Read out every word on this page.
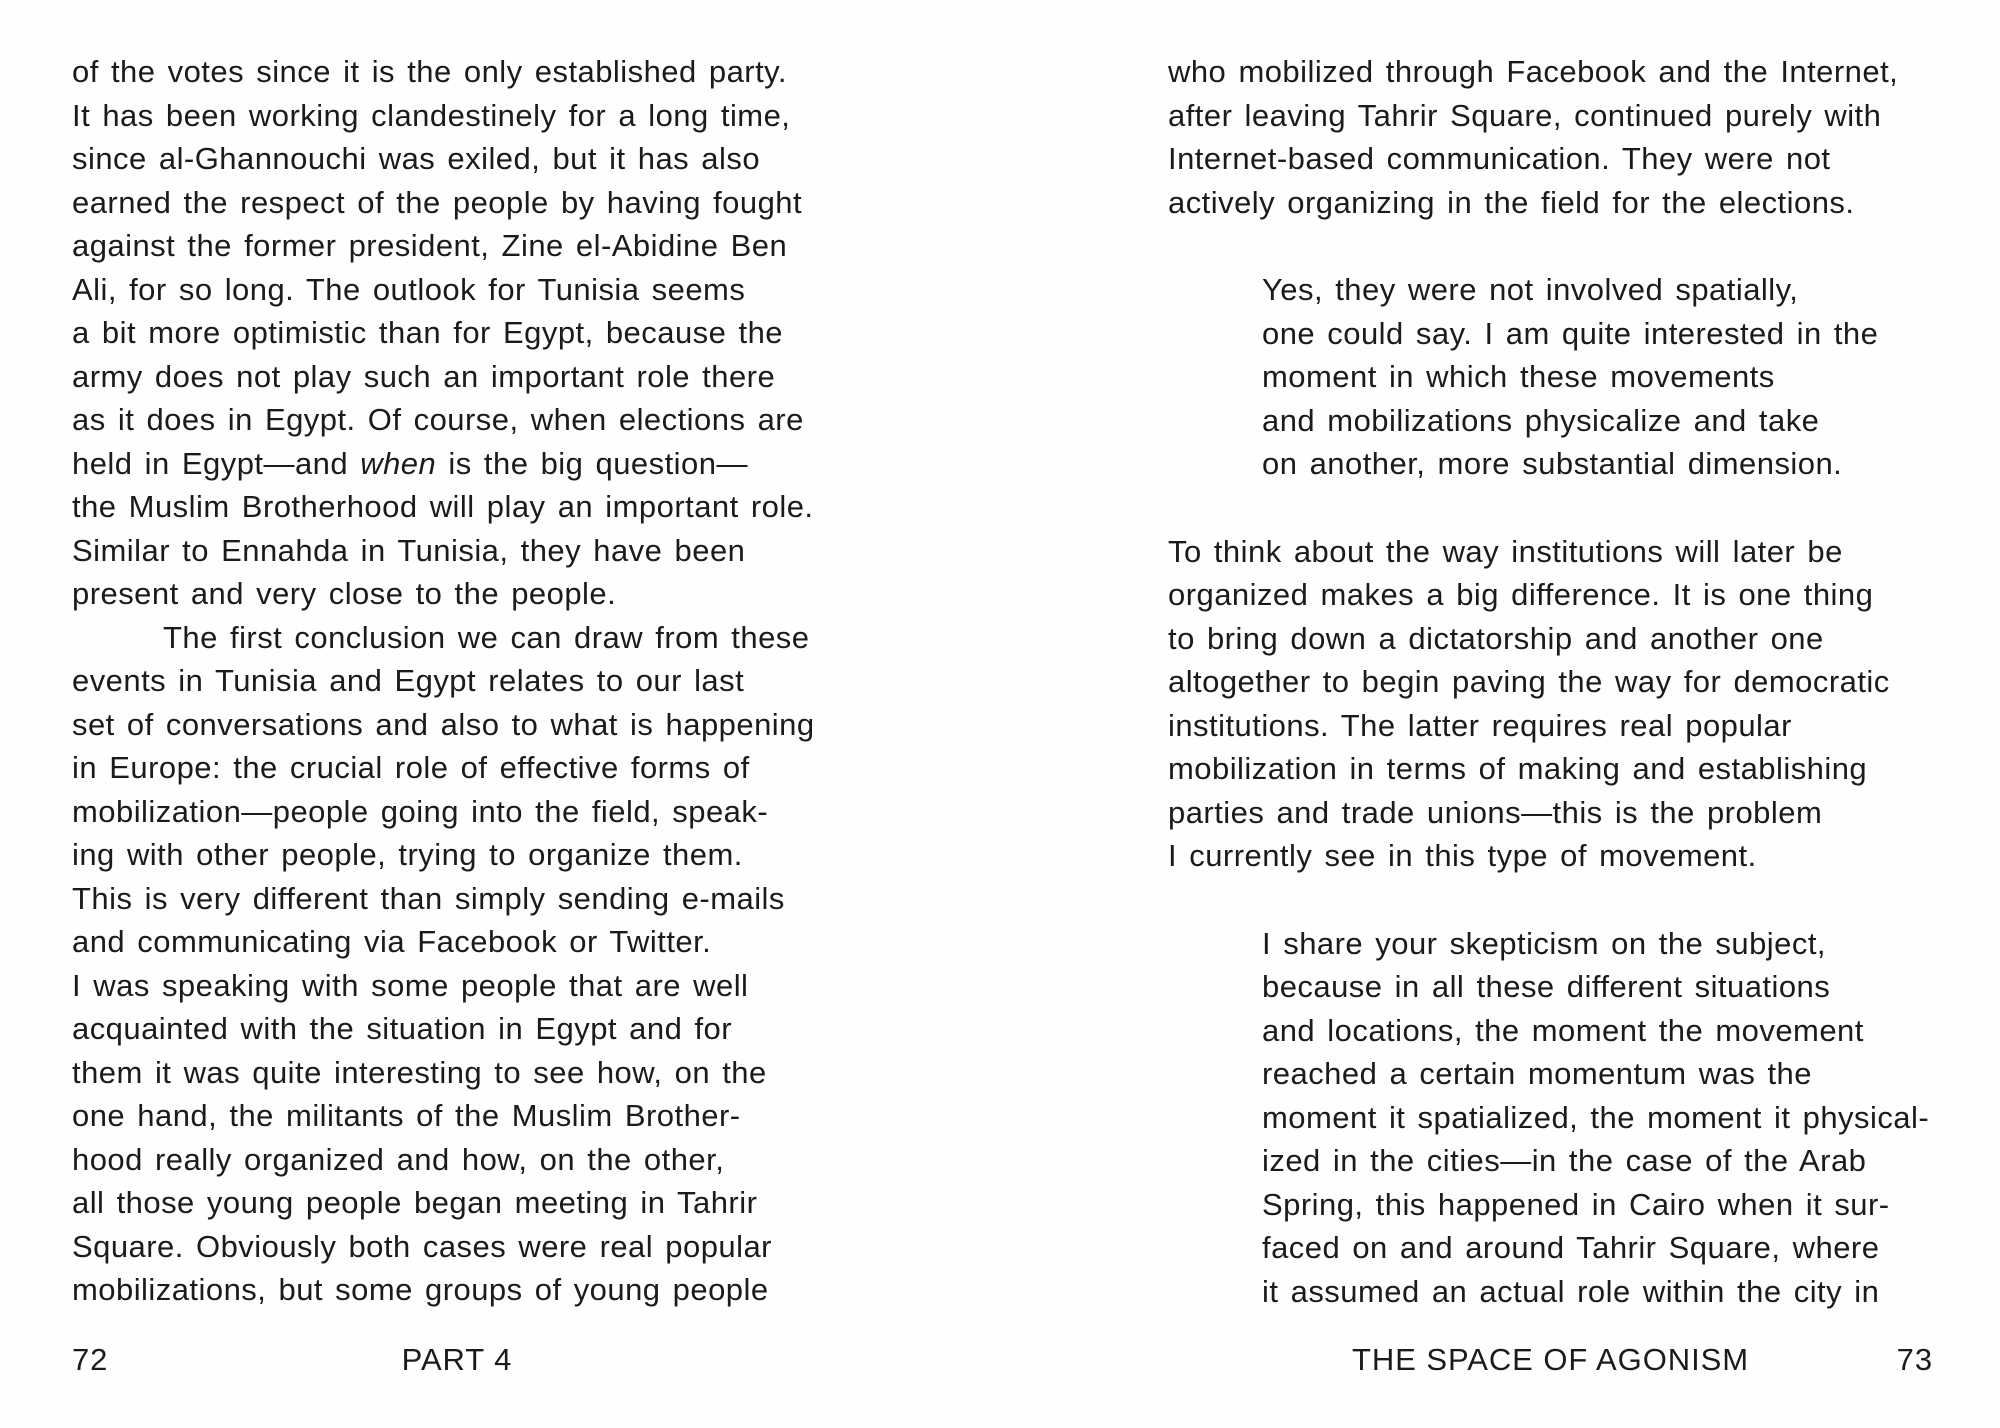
of the votes since it is the only established party.
It has been working clandestinely for a long time,
since al-Ghannouchi was exiled, but it has also
earned the respect of the people by having fought
against the former president, Zine el-Abidine Ben
Ali, for so long. The outlook for Tunisia seems
a bit more optimistic than for Egypt, because the
army does not play such an important role there
as it does in Egypt. Of course, when elections are
held in Egypt—and when is the big question—
the Muslim Brotherhood will play an important role.
Similar to Ennahda in Tunisia, they have been
present and very close to the people.
The first conclusion we can draw from these
events in Tunisia and Egypt relates to our last
set of conversations and also to what is happening
in Europe: the crucial role of effective forms of
mobilization—people going into the field, speak-
ing with other people, trying to organize them.
This is very different than simply sending e-mails
and communicating via Facebook or Twitter.
I was speaking with some people that are well
acquainted with the situation in Egypt and for
them it was quite interesting to see how, on the
one hand, the militants of the Muslim Brother-
hood really organized and how, on the other,
all those young people began meeting in Tahrir
Square. Obviously both cases were real popular
mobilizations, but some groups of young people
who mobilized through Facebook and the Internet,
after leaving Tahrir Square, continued purely with
Internet-based communication. They were not
actively organizing in the field for the elections.
Yes, they were not involved spatially,
one could say. I am quite interested in the
moment in which these movements
and mobilizations physicalize and take
on another, more substantial dimension.
To think about the way institutions will later be
organized makes a big difference. It is one thing
to bring down a dictatorship and another one
altogether to begin paving the way for democratic
institutions. The latter requires real popular
mobilization in terms of making and establishing
parties and trade unions—this is the problem
I currently see in this type of movement.
I share your skepticism on the subject,
because in all these different situations
and locations, the moment the movement
reached a certain momentum was the
moment it spatialized, the moment it physical-
ized in the cities—in the case of the Arab
Spring, this happened in Cairo when it sur-
faced on and around Tahrir Square, where
it assumed an actual role within the city in
72	PART 4	THE SPACE OF AGONISM	73
